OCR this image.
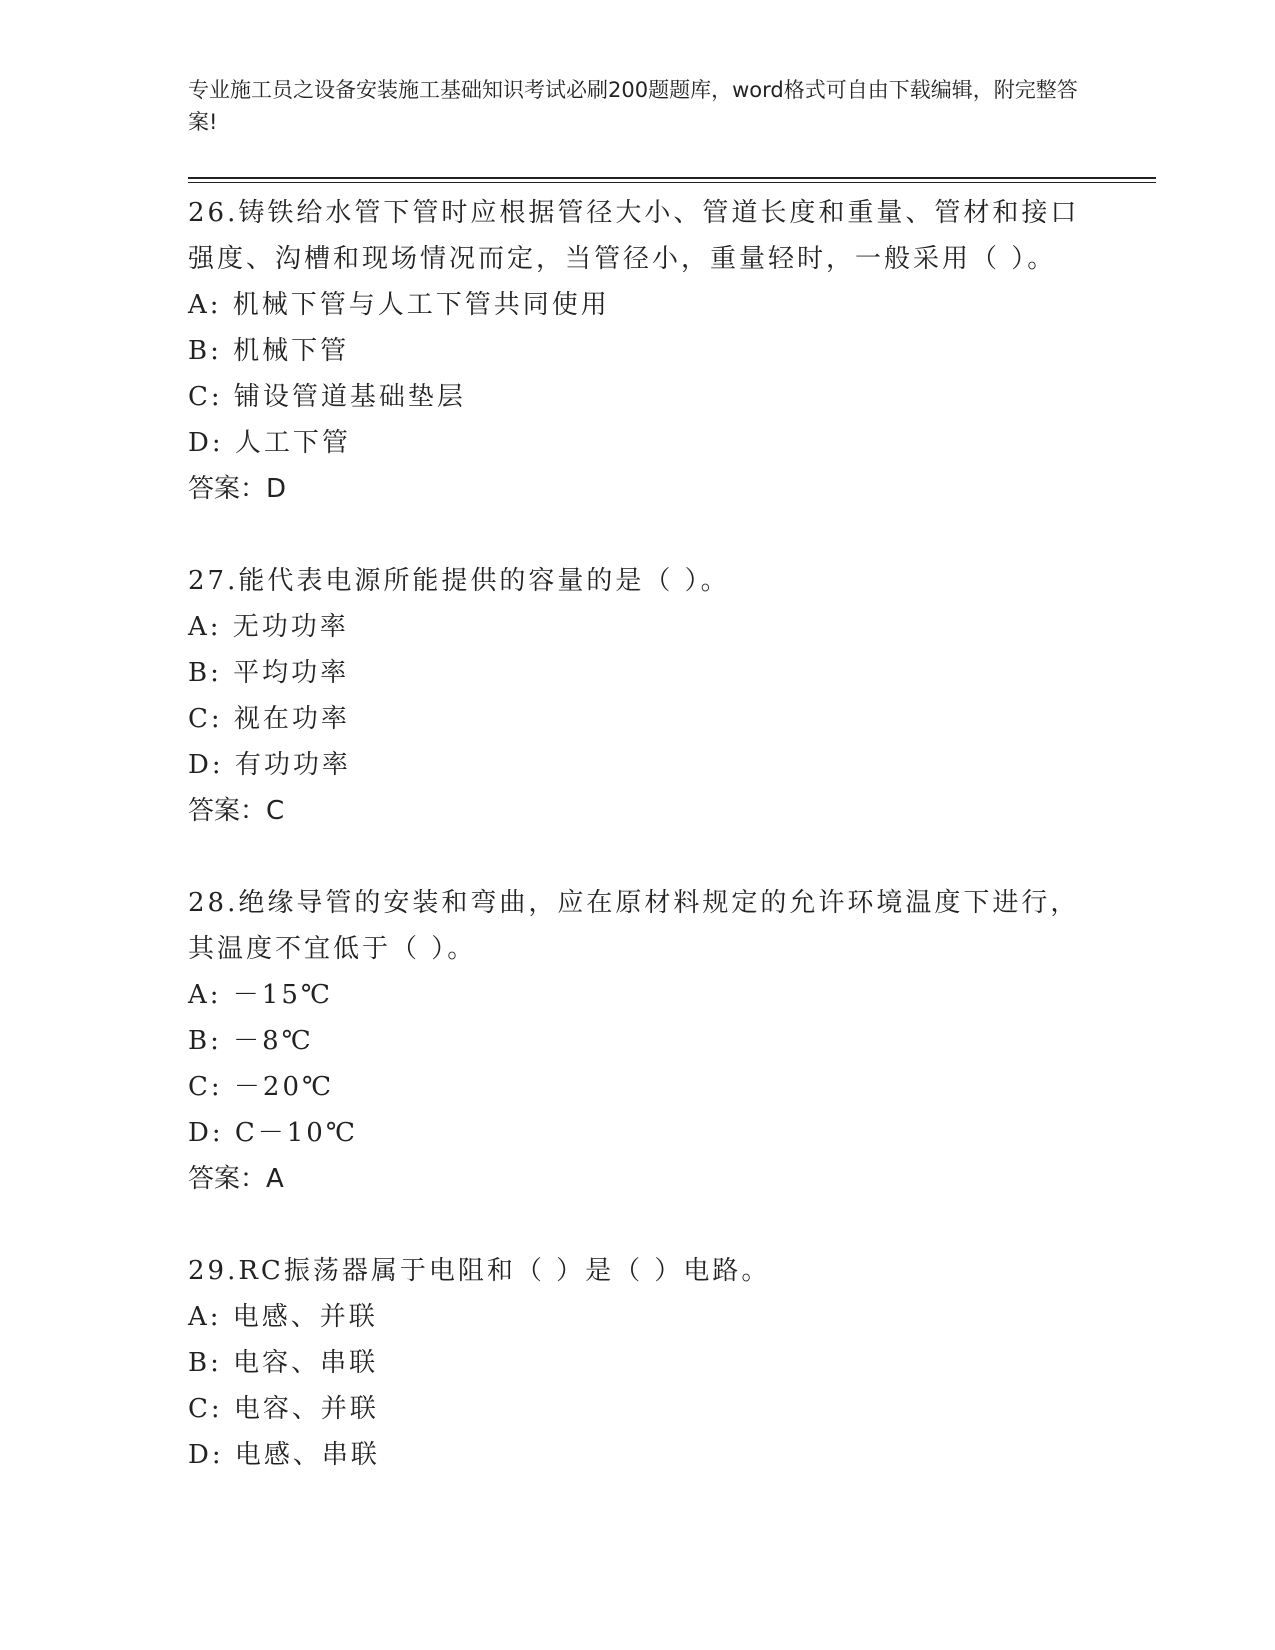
专业施工员之设备安装施工基础知识考试必刷200题题库，word格式可自由下载编辑，附完整答案!

26.铸铁给水管下管时应根据管径大小、管道长度和重量、管材和接口强度、沟槽和现场情况而定，当管径小，重量轻时，一般采用（ ）。

A: 机械下管与人工下管共同使用

B: 机械下管

C: 铺设管道基础垫层

D: 人工下管

答案：D

27.能代表电源所能提供的容量的是（ ）。

A: 无功功率

B: 平均功率

C: 视在功率

D: 有功功率

答案：C

28.绝缘导管的安装和弯曲，应在原材料规定的允许环境温度下进行，其温度不宜低于（ ）。

A: －15℃

B: －8℃

C: －20℃

D: C－10℃

答案：A

29.RC振荡器属于电阻和（ ）是（ ）电路。

A: 电感、并联

B: 电容、串联

C: 电容、并联

D: 电感、串联
